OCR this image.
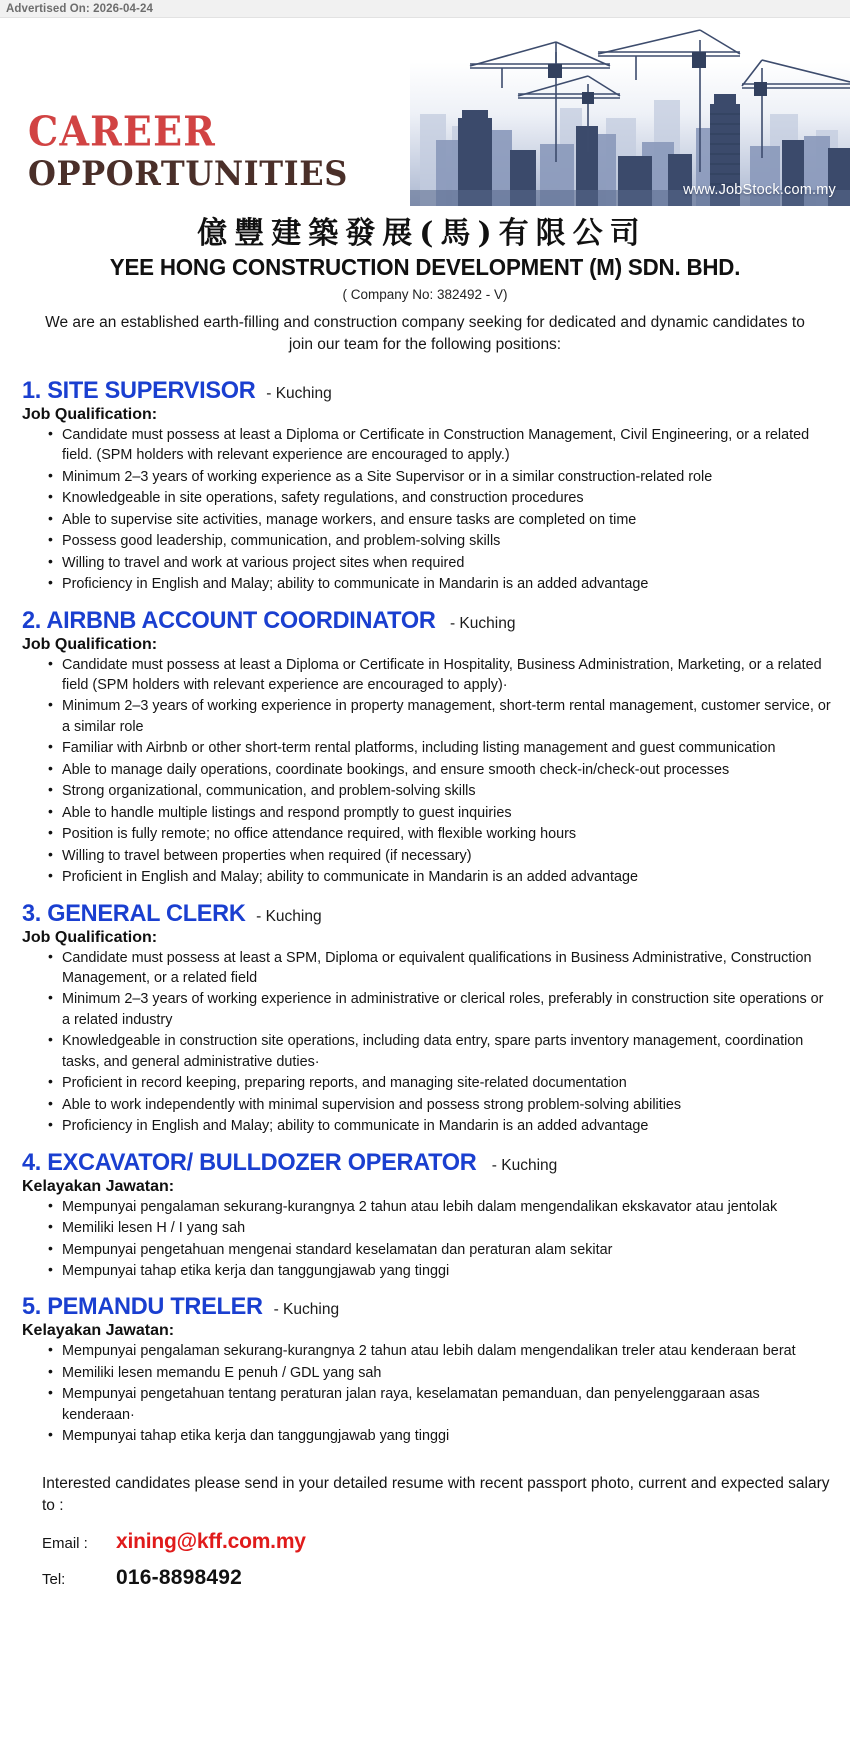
Advertised On: 2026-04-24
www.JobStock.com.my
CAREER
OPPORTUNITIES
億豐建築發展(馬)有限公司
YEE HONG CONSTRUCTION DEVELOPMENT (M) SDN. BHD.
( Company No: 382492 - V)
We are an established earth-filling and construction company seeking for dedicated and dynamic candidates to join our team for the following positions:
1. SITE SUPERVISOR - Kuching
Job Qualification:
• Candidate must possess at least a Diploma or Certificate in Construction Management, Civil Engineering, or a related field. (SPM holders with relevant experience are encouraged to apply.)
• Minimum 2–3 years of working experience as a Site Supervisor or in a similar construction-related role
• Knowledgeable in site operations, safety regulations, and construction procedures
• Able to supervise site activities, manage workers, and ensure tasks are completed on time
• Possess good leadership, communication, and problem-solving skills
• Willing to travel and work at various project sites when required
• Proficiency in English and Malay; ability to communicate in Mandarin is an added advantage
2. AIRBNB ACCOUNT COORDINATOR - Kuching
Job Qualification:
• Candidate must possess at least a Diploma or Certificate in Hospitality, Business Administration, Marketing, or a related field (SPM holders with relevant experience are encouraged to apply)·
• Minimum 2–3 years of working experience in property management, short-term rental management, customer service, or a similar role
• Familiar with Airbnb or other short-term rental platforms, including listing management and guest communication
• Able to manage daily operations, coordinate bookings, and ensure smooth check-in/check-out processes
• Strong organizational, communication, and problem-solving skills
• Able to handle multiple listings and respond promptly to guest inquiries
• Position is fully remote; no office attendance required, with flexible working hours
• Willing to travel between properties when required (if necessary)
• Proficient in English and Malay; ability to communicate in Mandarin is an added advantage
3. GENERAL CLERK - Kuching
Job Qualification:
• Candidate must possess at least a SPM, Diploma or equivalent qualifications in Business Administrative, Construction Management, or a related field
• Minimum 2–3 years of working experience in administrative or clerical roles, preferably in construction site operations or a related industry
• Knowledgeable in construction site operations, including data entry, spare parts inventory management, coordination tasks, and general administrative duties·
• Proficient in record keeping, preparing reports, and managing site-related documentation
• Able to work independently with minimal supervision and possess strong problem-solving abilities
• Proficiency in English and Malay; ability to communicate in Mandarin is an added advantage
4. EXCAVATOR/ BULLDOZER OPERATOR - Kuching
Kelayakan Jawatan:
• Mempunyai pengalaman sekurang-kurangnya 2 tahun atau lebih dalam mengendalikan ekskavator atau jentolak
• Memiliki lesen H / I yang sah
• Mempunyai pengetahuan mengenai standard keselamatan dan peraturan alam sekitar
• Mempunyai tahap etika kerja dan tanggungjawab yang tinggi
5. PEMANDU TRELER - Kuching
Kelayakan Jawatan:
• Mempunyai pengalaman sekurang-kurangnya 2 tahun atau lebih dalam mengendalikan treler atau kenderaan berat
• Memiliki lesen memandu E penuh / GDL yang sah
• Mempunyai pengetahuan tentang peraturan jalan raya, keselamatan pemanduan, dan penyelenggaraan asas kenderaan·
• Mempunyai tahap etika kerja dan tanggungjawab yang tinggi
Interested candidates please send in your detailed resume with recent passport photo, current and expected salary to :
Email :	xining@kff.com.my
Tel:	016-8898492
